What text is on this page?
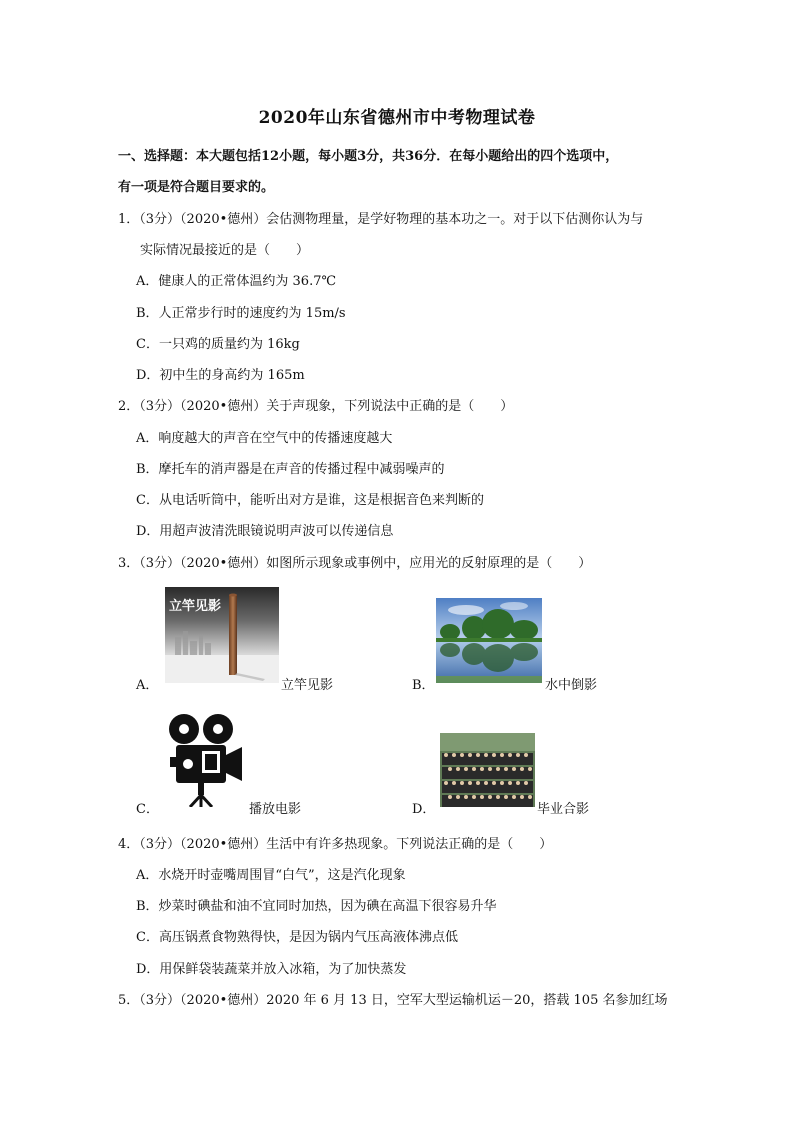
2020年山东省德州市中考物理试卷
一、选择题：本大题包括12小题，每小题3分，共36分．在每小题给出的四个选项中，
有一项是符合题目要求的。
1．（3分）（2020•德州）会估测物理量，是学好物理的基本功之一。对于以下估测你认为与
实际情况最接近的是（　　）
A．健康人的正常体温约为 36.7℃
B．人正常步行时的速度约为 15m/s
C．一只鸡的质量约为 16kg
D．初中生的身高约为 165m
2．（3分）（2020•德州）关于声现象，下列说法中正确的是（　　）
A．响度越大的声音在空气中的传播速度越大
B．摩托车的消声器是在声音的传播过程中减弱噪声的
C．从电话听筒中，能听出对方是谁，这是根据音色来判断的
D．用超声波清洗眼镜说明声波可以传递信息
3．（3分）（2020•德州）如图所示现象或事例中，应用光的反射原理的是（　　）
A．
立竿见影
立竿见影	B．	水中倒影
C．	播放电影	D．	毕业合影
4．（3分）（2020•德州）生活中有许多热现象。下列说法正确的是（　　）
A．水烧开时壶嘴周围冒“白气”，这是汽化现象
B．炒菜时碘盐和油不宜同时加热，因为碘在高温下很容易升华
C．高压锅煮食物熟得快，是因为锅内气压高液体沸点低
D．用保鲜袋装蔬菜并放入冰箱，为了加快蒸发
5．（3分）（2020•德州）2020 年 6 月 13 日，空军大型运输机运－20，搭载 105 名参加红场
